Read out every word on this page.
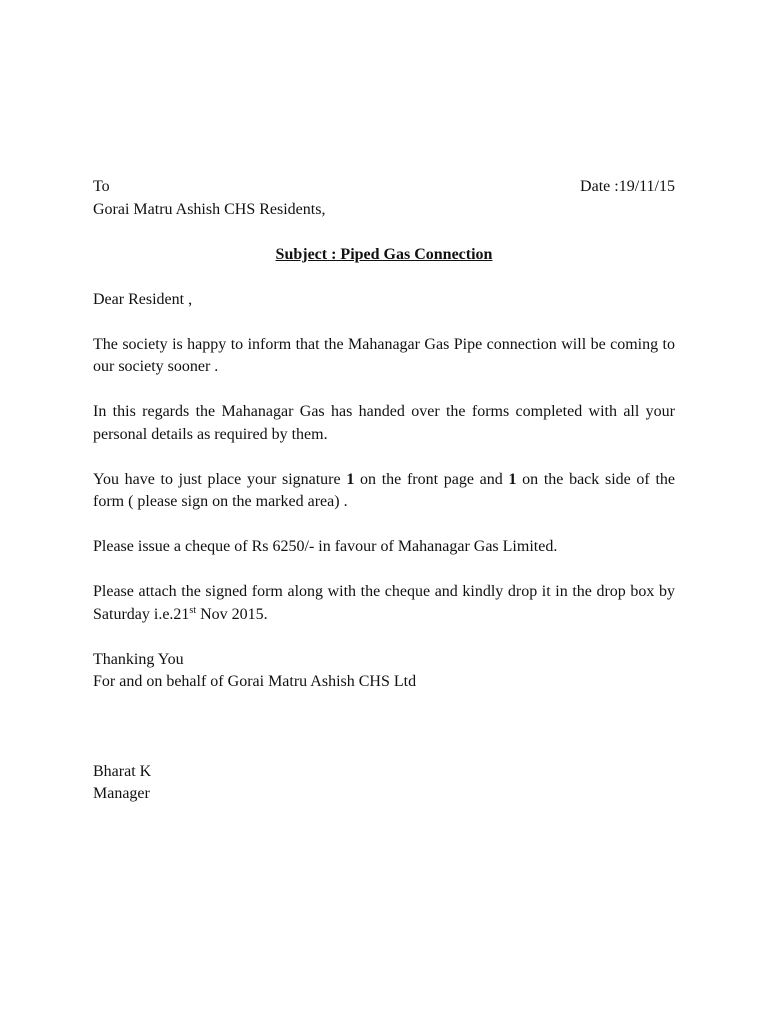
To	Date :19/11/15
Gorai Matru Ashish CHS Residents,
Subject : Piped Gas Connection
Dear Resident ,
The society is happy to inform that the Mahanagar Gas Pipe connection will be coming to our society sooner .
In this regards the Mahanagar Gas has handed over the forms completed with all your personal details as required by them.
You have to just place your signature 1 on the front page and 1 on the back side of the form ( please sign on the marked area) .
Please issue a cheque of Rs 6250/- in favour of Mahanagar Gas Limited.
Please attach the signed form along with the cheque and kindly drop it in the drop box by Saturday i.e.21st Nov 2015.
Thanking You
For and on behalf of Gorai Matru Ashish CHS Ltd
Bharat K
Manager
